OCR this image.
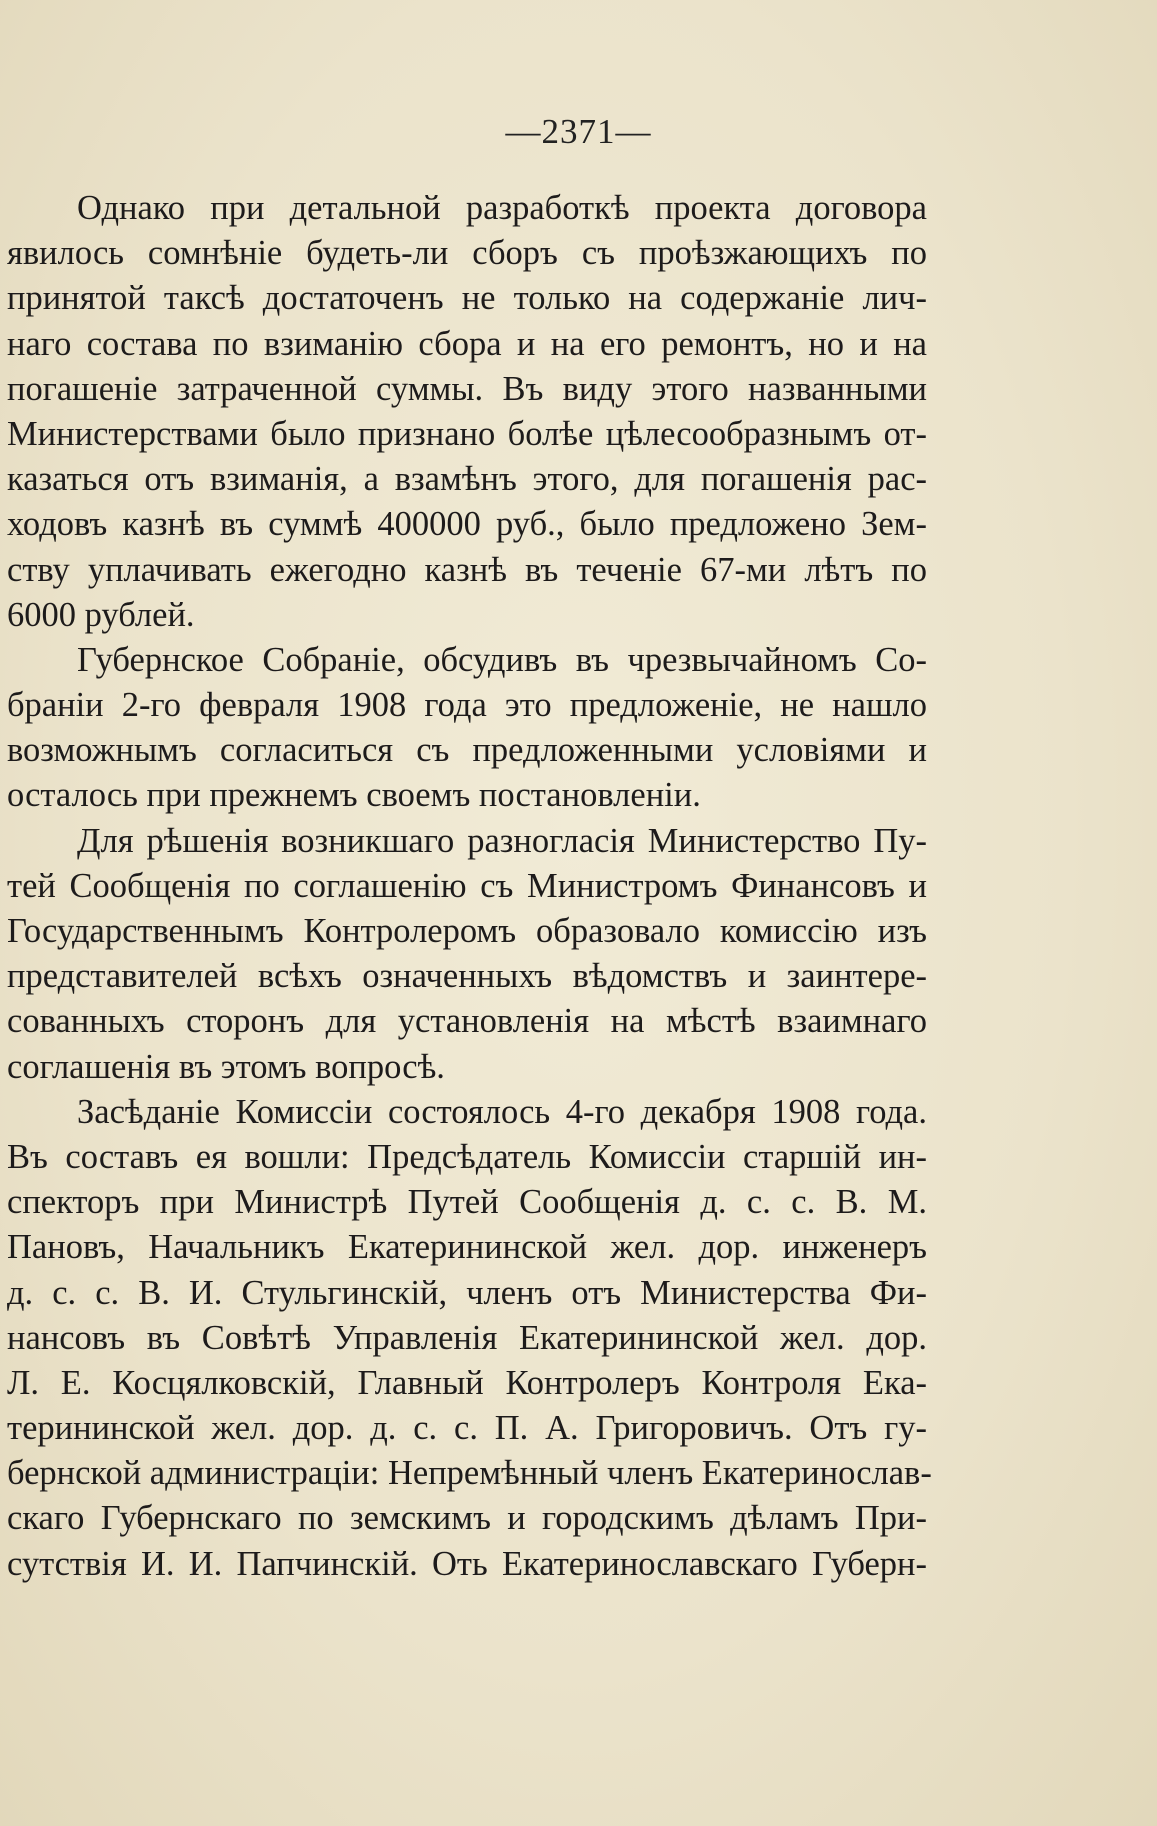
—2371—
Однако при детальной разработкѣ проекта договора
явилось сомнѣніе будеть-ли сборъ съ проѣзжающихъ по
принятой таксѣ достаточенъ не только на содержаніе лич-
наго состава по взиманію сбора и на его ремонтъ, но и на
погашеніе затраченной суммы. Въ виду этого названными
Министерствами было признано болѣе цѣлесообразнымъ от-
казаться отъ взиманія, а взамѣнъ этого, для погашенія рас-
ходовъ казнѣ въ суммѣ 400000 руб., было предложено Зем-
ству уплачивать ежегодно казнѣ въ теченіе 67-ми лѣтъ по
6000 рублей.
Губернское Собраніе, обсудивъ въ чрезвычайномъ Со-
браніи 2-го февраля 1908 года это предложеніе, не нашло
возможнымъ согласиться съ предложенными условіями и
осталось при прежнемъ своемъ постановленіи.
Для рѣшенія возникшаго разногласія Министерство Пу-
тей Сообщенія по соглашенію съ Министромъ Финансовъ и
Государственнымъ Контролеромъ образовало комиссію изъ
представителей всѣхъ означенныхъ вѣдомствъ и заинтере-
сованныхъ сторонъ для установленія на мѣстѣ взаимнаго
соглашенія въ этомъ вопросѣ.
Засѣданіе Комиссіи состоялось 4-го декабря 1908 года.
Въ составъ ея вошли: Предсѣдатель Комиссіи старшій ин-
спекторъ при Министрѣ Путей Сообщенія д. с. с. В. М.
Пановъ, Начальникъ Екатерининской жел. дор. инженеръ
д. с. с. В. И. Стульгинскій, членъ отъ Министерства Фи-
нансовъ въ Совѣтѣ Управленія Екатерининской жел. дор.
Л. Е. Косцялковскій, Главный Контролеръ Контроля Ека-
терининской жел. дор. д. с. с. П. А. Григоровичъ. Отъ гу-
бернской администраціи: Непремѣнный членъ Екатеринослав-
скаго Губернскаго по земскимъ и городскимъ дѣламъ При-
сутствія И. И. Папчинскій. Оть Екатеринославскаго Губерн-
